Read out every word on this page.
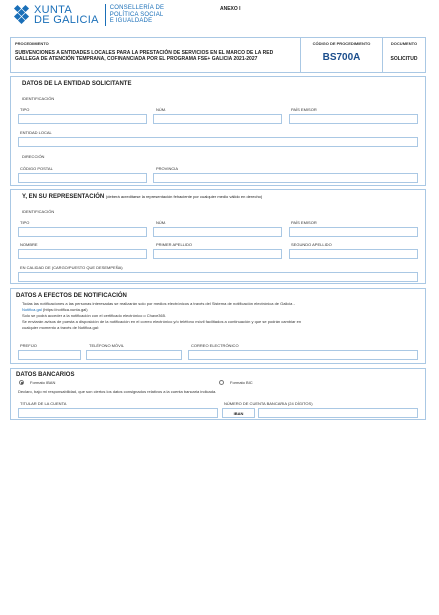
XUNTA
DE GALICIA
CONSELLERÍA DE
POLÍTICA SOCIAL
E IGUALDADE
ANEXO I
PROCEDIMIENTO
SUBVENCIONES A ENTIDADES LOCALES PARA LA PRESTACIÓN DE SERVICIOS EN EL MARCO DE LA RED GALLEGA DE ATENCIÓN TEMPRANA, COFINANCIADA POR EL PROGRAMA FSE+ GALICIA 2021-2027
CÓDIGO DE PROCEDIMIENTO
BS700A
DOCUMENTO
SOLICITUD
DATOS DE LA ENTIDAD SOLICITANTE
IDENTIFICACIÓN
TIPO	NÚM.	PAÍS EMISOR
ENTIDAD LOCAL
DIRECCIÓN
CÓDIGO POSTAL	PROVINCIA
Y, EN SU REPRESENTACIÓN (deberá acreditarse la representación fehaciente por cualquier medio válido en derecho)
IDENTIFICACIÓN
TIPO	NÚM.	PAÍS EMISOR
NOMBRE	PRIMER APELLIDO	SEGUNDO APELLIDO
EN CALIDAD DE (CARGO/PUESTO QUE DESEMPEÑA)
DATOS A EFECTOS DE NOTIFICACIÓN
Todas las notificaciones a las personas interesadas se realizarán solo por medios electrónicos a través del Sistema de notificación electrónica de Galicia -
Notifica.gal (https://notifica.xunta.gal)
Solo se podrá acceder a la notificación con el certificado electrónico o Chave365.
Se enviarán avisos de puesta a disposición de la notificación en el correo electrónico y/o teléfono móvil facilitados a continuación y que se podrán cambiar en
cualquier momento a través de Notifica.gal:
PREFIJO	TELÉFONO MÓVIL	CORREO ELECTRÓNICO
DATOS BANCARIOS
Formato IBAN	Formato BIC
Declaro, bajo mi responsabilidad, que son ciertos los datos consignados relativos a la cuenta bancaria indicada.
TITULAR DE LA CUENTA	NÚMERO DE CUENTA BANCARIA (24 DÍGITOS)
IBAN
